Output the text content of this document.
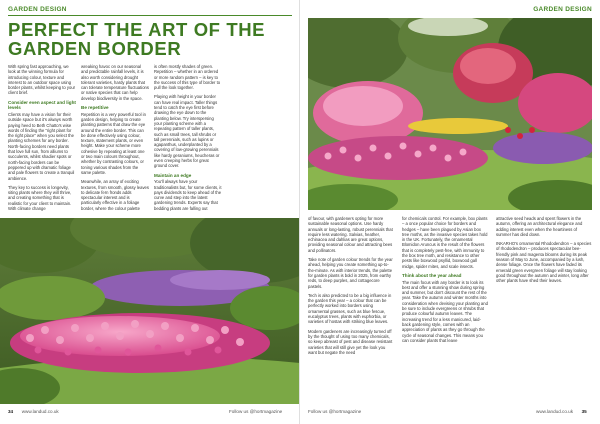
GARDEN DESIGN
PERFECT THE ART OF THE GARDEN BORDER

With spring fast approaching, we look at the winning formula for introducing colour, texture and interest to an outdoor space using border plants, whilst keeping to your client brief.

Consider even aspect and light levels

Clients may have a vision for their outside space but it's always worth paying heed to Beth Chatto's wise words of finding the "right plant for the right place" when you select the planting schemes for any border. North-facing borders need plants that love full sun, from alliums to succulents, whilst shadier spots or north-facing borders can be peppered up with dramatic foliage and pale flowers to create a tranquil ambience.

They key to success is longevity, siting plants where they will thrive, and creating something that is realistic for your client to maintain. With climate change

wreaking havoc on our seasonal and predictable rainfall levels, it is also worth considering drought tolerant varieties, hardy plants that can tolerate temperature fluctuations or native species that can help develop biodiversity in the space.

Be repetitive

Repetition is a very powerful tool in garden design, helping to create planting patterns that draw the eye around the entire border. This can be done effectively using colour, texture, statement plants, or even height. Make your scheme more cohesive by repeating at least one or two main colours throughout, whether by contrasting colours, or toning various shades from the same palette.

Meanwhile, an array of exciting textures, from smooth, glossy leaves to delicate fern fronds adds spectacular interest and is particularly effective in a foliage border, where the colour palette

is often mostly shades of green. Repetition – whether in an ordered or more random pattern – is key to the success of this type of border to pull the look together.

Playing with height in your border can have real impact. Taller things tend to catch the eye first before drawing the eye down to the planting below. Try interspersing your planting scheme with a repeating pattern of taller plants, such as small trees, tall shrubs or tall perennials, such as lupins or agapanthus, underplanted by a covering of low-growing perennials like hardy geraniums, heucheras or even creeping herbs for great ground cover.

Maintain an edge

You'll always have your traditionalists but, for some clients, it pays dividends to keep ahead of the curve and step into the latest gardening trends. Experts say that bedding plants are falling out

34 www.landud.co.uk	Follow us @hortmagazine
GARDEN DESIGN

of favour, with gardeners opting for more sustainable seasonal options. Use hardy annuals or long-lasting, robust perennials that require less watering. Salvias, heather, echinacea and dahlias are great options, providing seasonal colour and attracting bees and pollinators.

Take note of garden colour trends for the year ahead, helping you create something up-to-the-minute. As with interior trends, the palette for garden plants is bold in 2025, from earthy reds, to deep purples, and cottagecore pastels.

Tech is also predicted to be a big influence in the garden this year – a colour that can be perfectly worked into borders using ornamental grasses, such as blue fescue, eucalyptus trees, plants with euphorbia, or varieties of hostas with striking blue leaves.

Modern gardeners are increasingly turned off by the thought of using too many chemicals, so keep abreast of pest and disease resistant varieties that will still give yet the look you want but negate the need

for chemicals control. For example, box plants – a once popular choice for borders and hedges – have been plagued by Asian box tree moths, as the invasive species takes hold in the UK. Fortunately, the ornamental Blomidon Aruncus is the result of the flowers that is completely pest-free, with immunity to the box tree moth, and resistance to other pests like boxwood psyllid, boxwood gall midge, spider mites, and scale insects.

Think about the year ahead

The main focus with any border is to look its best and offer a stunning show during spring and summer, but don't discount the rest of the year. Take the autumn and winter months into consideration when devising your planting and be sure to include evergreens or shrubs that produce colourful autumn leaves. The increasing trend for a less manicured, laid-back gardening style, comes with an appreciation of plants as they go through the cycle of seasonal changes. This means you can consider plants that leave

attractive seed heads and spent flowers in the autumn, offering an architectural elegance and adding interest even when the heartiness of summer has died down.

INKARHO's ornamental Rhododendron – a species of rhododendron – produces spectacular bee-friendly pink and magenta blooms during its peak season of May to June, accompanied by a lush, dense foliage. Once the flowers have faded its emerald green evergreen foliage will stay looking good throughout the autumn and winter, long after other plants have shed their leaves.

Follow us @hortmagazine	www.landud.co.uk 35
